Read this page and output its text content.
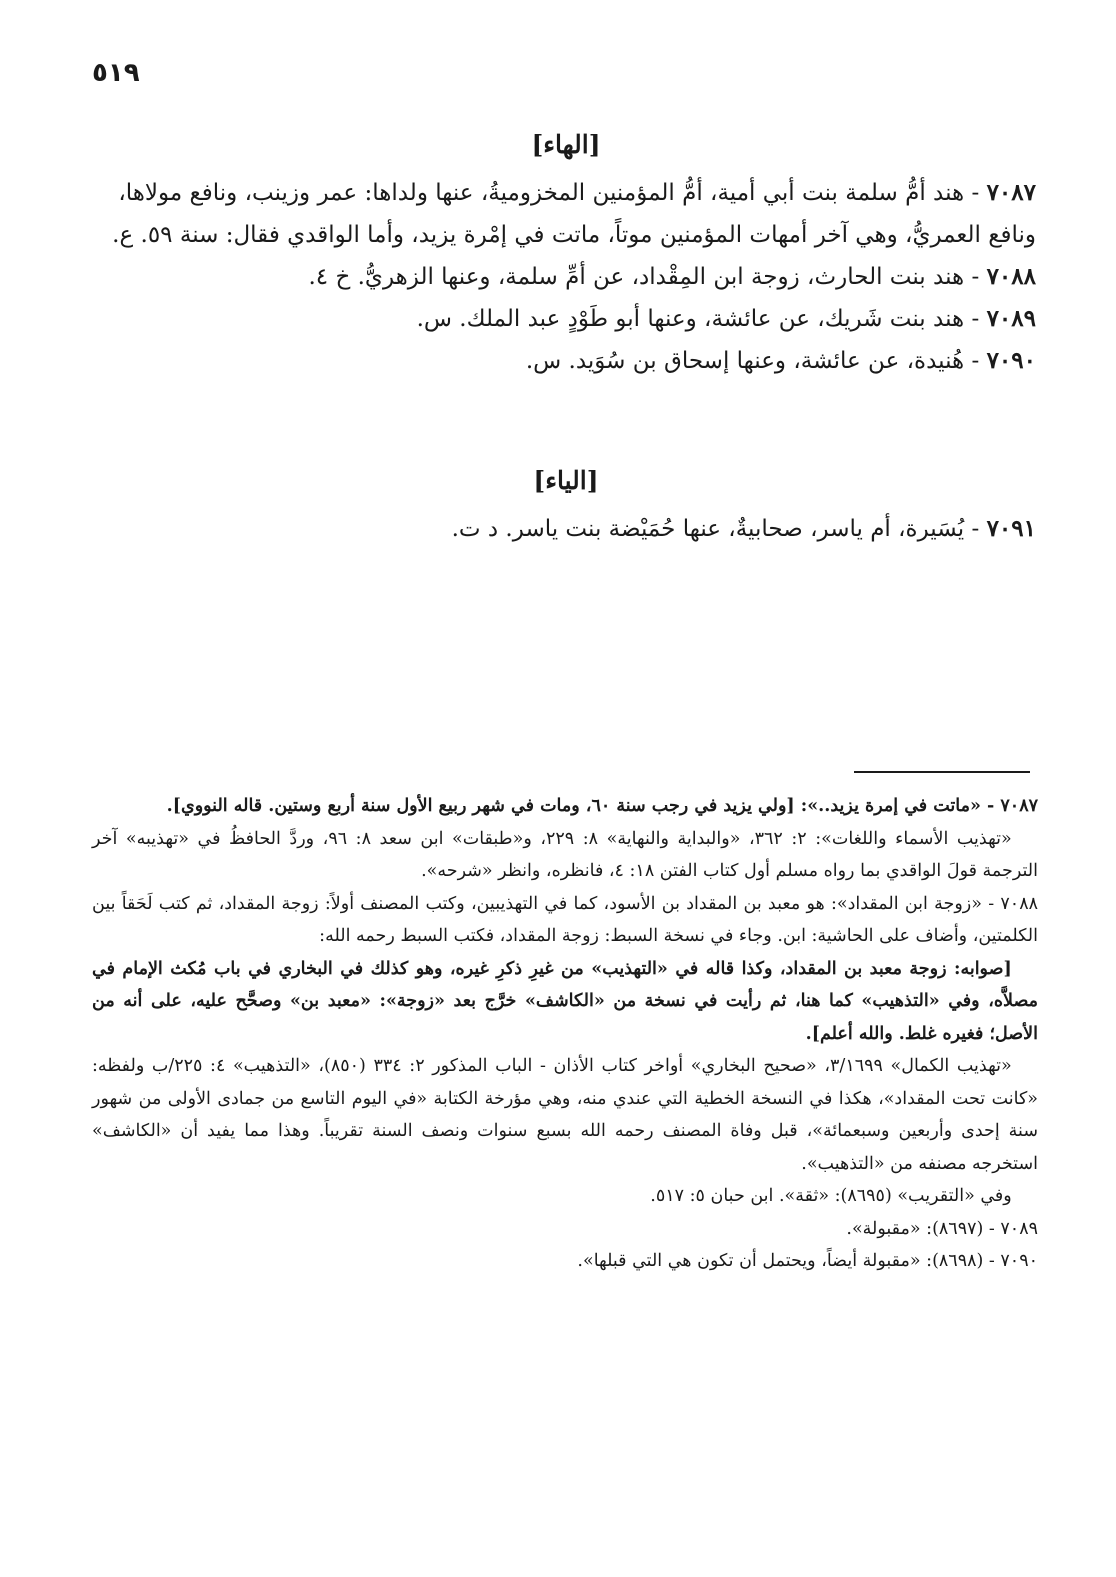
٥١٩
[الهاء]

٧٠٨٧ - هند أمُّ سلمة بنت أبي أمية، أمُّ المؤمنين المخزوميةُ، عنها ولداها: عمر وزينب، ونافع مولاها، ونافع العمريُّ، وهي آخر أمهات المؤمنين موتاً، ماتت في إمْرة يزيد، وأما الواقدي فقال: سنة ٥٩. ع.

٧٠٨٨ - هند بنت الحارث، زوجة ابن المِقْداد، عن أمِّ سلمة، وعنها الزهريُّ. خ ٤.

٧٠٨٩ - هند بنت شَريك، عن عائشة، وعنها أبو طَوْدٍ عبد الملك. س.

٧٠٩٠ - هُنيدة، عن عائشة، وعنها إسحاق بن سُوَيد. س.

[الياء]

٧٠٩١ - يُسَيرة، أم ياسر، صحابيةٌ، عنها حُمَيْضة بنت ياسر. د ت.

٧٠٨٧ - «ماتت في إمرة يزيد..»: [ولي يزيد في رجب سنة ٦٠، ومات في شهر ربيع الأول سنة أربع وستين. قاله النووي].

«تهذيب الأسماء واللغات»: ٢: ٣٦٢، «والبداية والنهاية» ٨: ٢٢٩، و«طبقات» ابن سعد ٨: ٩٦، وردَّ الحافظُ في «تهذيبه» آخر الترجمة قولَ الواقدي بما رواه مسلم أول كتاب الفتن ١٨: ٤، فانظره، وانظر «شرحه».

٧٠٨٨ - «زوجة ابن المقداد»: هو معبد بن المقداد بن الأسود، كما في التهذيبين، وكتب المصنف أولاً: زوجة المقداد، ثم كتب لَحَقاً بين الكلمتين، وأضاف على الحاشية: ابن. وجاء في نسخة السبط: زوجة المقداد، فكتب السبط رحمه الله:

[صوابه: زوجة معبد بن المقداد، وكذا قاله في «التهذيب» من غيرِ ذكرِ غيره، وهو كذلك في البخاري في باب مُكث الإمام في مصلاَّه، وفي «التذهيب» كما هنا، ثم رأيت في نسخة من «الكاشف» خرَّج بعد «زوجة»: «معبد بن» وصحَّح عليه، على أنه من الأصل؛ فغيره غلط. والله أعلم].

«تهذيب الكمال» ٣/١٦٩٩، «صحيح البخاري» أواخر كتاب الأذان - الباب المذكور ٢: ٣٣٤ (٨٥٠)، «التذهيب» ٤: ٢٢٥/ب ولفظه: «كانت تحت المقداد»، هكذا في النسخة الخطية التي عندي منه، وهي مؤرخة الكتابة «في اليوم التاسع من جمادى الأولى من شهور سنة إحدى وأربعين وسبعمائة»، قبل وفاة المصنف رحمه الله بسبع سنوات ونصف السنة تقريباً. وهذا مما يفيد أن «الكاشف» استخرجه مصنفه من «التذهيب».

وفي «التقريب» (٨٦٩٥): «ثقة». ابن حبان ٥: ٥١٧.

٧٠٨٩ - (٨٦٩٧): «مقبولة».

٧٠٩٠ - (٨٦٩٨): «مقبولة أيضاً، ويحتمل أن تكون هي التي قبلها».
